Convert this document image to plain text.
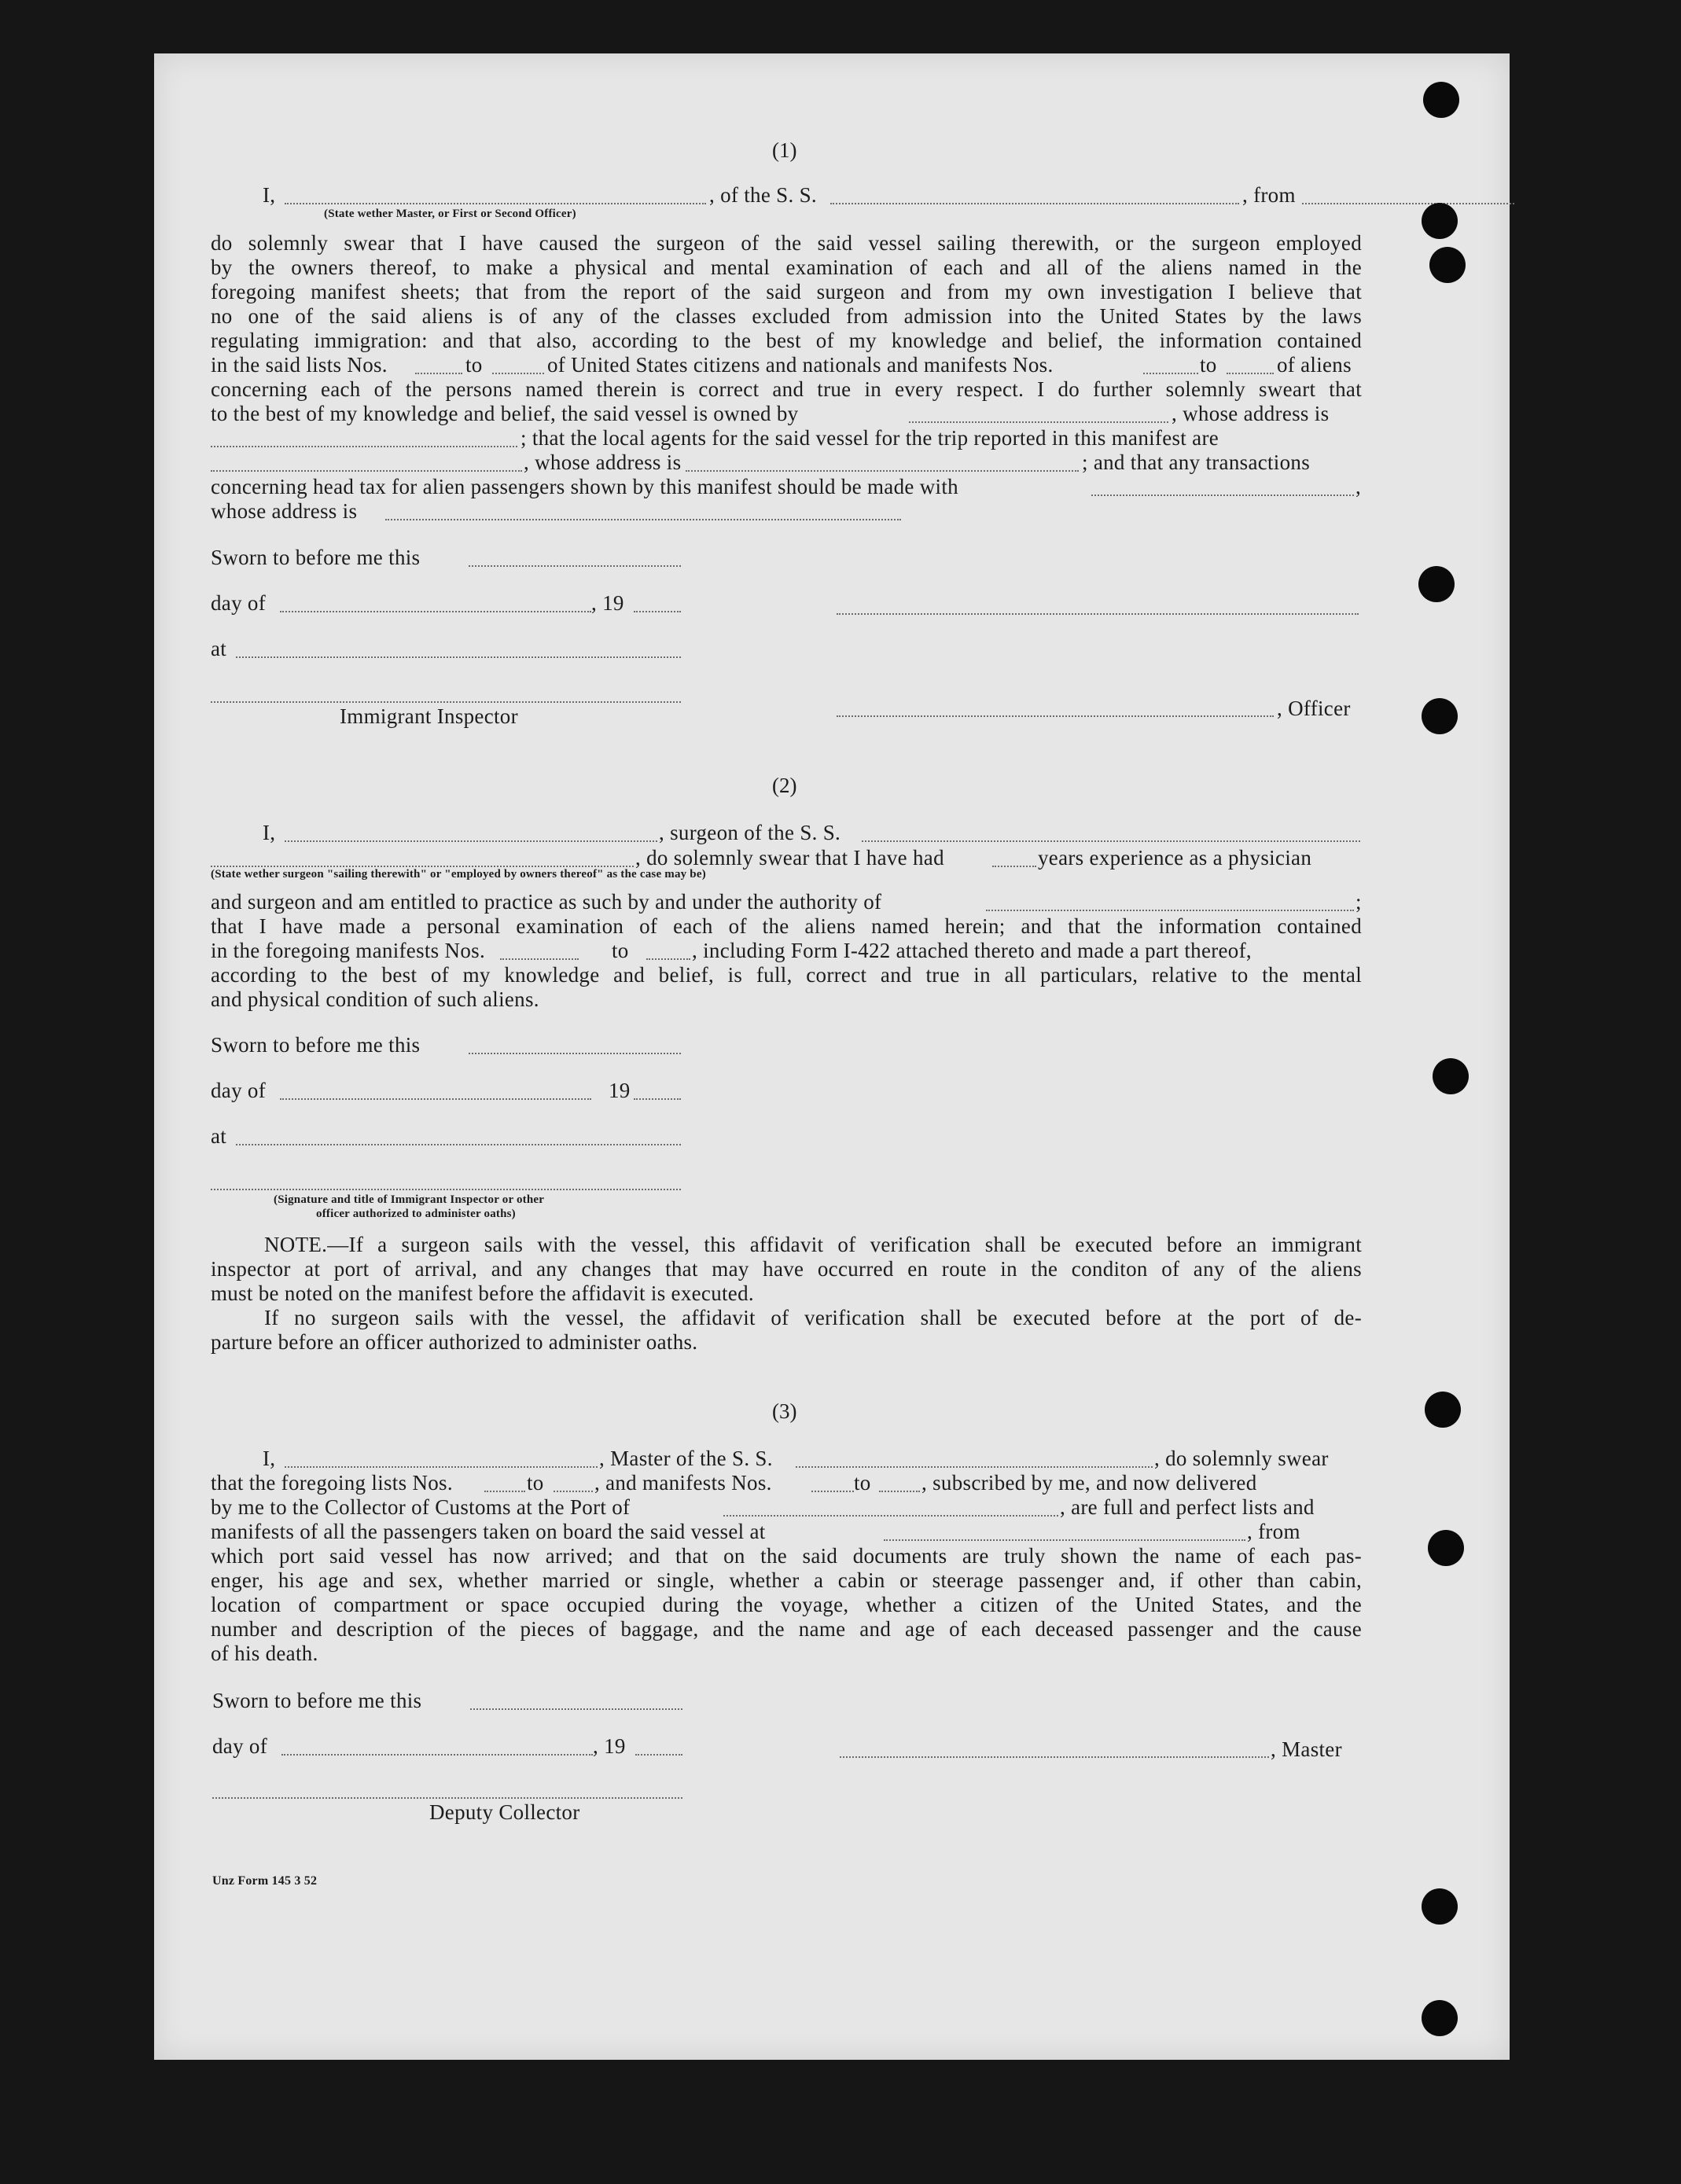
(1)
I,	, of the S. S.	, from
(State wether Master, or First or Second Officer)
do solemnly swear that I have caused the surgeon of the said vessel sailing therewith, or the surgeon employed
by the owners thereof, to make a physical and mental examination of each and all of the aliens named in the
foregoing manifest sheets; that from the report of the said surgeon and from my own investigation I believe that
no one of the said aliens is of any of the classes excluded from admission into the United States by the laws
regulating immigration: and that also, according to the best of my knowledge and belief, the information contained
in the said lists Nos.	to	of United States citizens and nationals and manifests Nos.	to	of aliens
concerning each of the persons named therein is correct and true in every respect. I do further solemnly sweart that
to the best of my knowledge and belief, the said vessel is owned by	, whose address is
; that the local agents for the said vessel for the trip reported in this manifest are
, whose address is	; and that any transactions
concerning head tax for alien passengers shown by this manifest should be made with	,
whose address is
Sworn to before me this
day of	, 19
at
, Officer
Immigrant Inspector
(2)
I,	, surgeon of the S. S.
, do solemnly swear that I have had	years experience as a physician
(State wether surgeon "sailing therewith" or "employed by owners thereof" as the case may be)
and surgeon and am entitled to practice as such by and under the authority of	;
that I have made a personal examination of each of the aliens named herein; and that the information contained
in the foregoing manifests Nos.	to	, including Form I-422 attached thereto and made a part thereof,
according to the best of my knowledge and belief, is full, correct and true in all particulars, relative to the mental
and physical condition of such aliens.
Sworn to before me this
day of	19
at
(Signature and title of Immigrant Inspector or other
officer authorized to administer oaths)
NOTE.—If a surgeon sails with the vessel, this affidavit of verification shall be executed before an immigrant
inspector at port of arrival, and any changes that may have occurred en route in the conditon of any of the aliens
must be noted on the manifest before the affidavit is executed.
If no surgeon sails with the vessel, the affidavit of verification shall be executed before at the port of de-
parture before an officer authorized to administer oaths.
(3)
I,	, Master of the S. S.	, do solemnly swear
that the foregoing lists Nos.	to , and manifests Nos.	to , subscribed by me, and now delivered
by me to the Collector of Customs at the Port of	, are full and perfect lists and
manifests of all the passengers taken on board the said vessel at	, from
which port said vessel has now arrived; and that on the said documents are truly shown the name of each pas-
enger, his age and sex, whether married or single, whether a cabin or steerage passenger and, if other than cabin,
location of compartment or space occupied during the voyage, whether a citizen of the United States, and the
number and description of the pieces of baggage, and the name and age of each deceased passenger and the cause
of his death.
Sworn to before me this
day of	, 19	, Master
Deputy Collector
Unz Form 145 3 52
